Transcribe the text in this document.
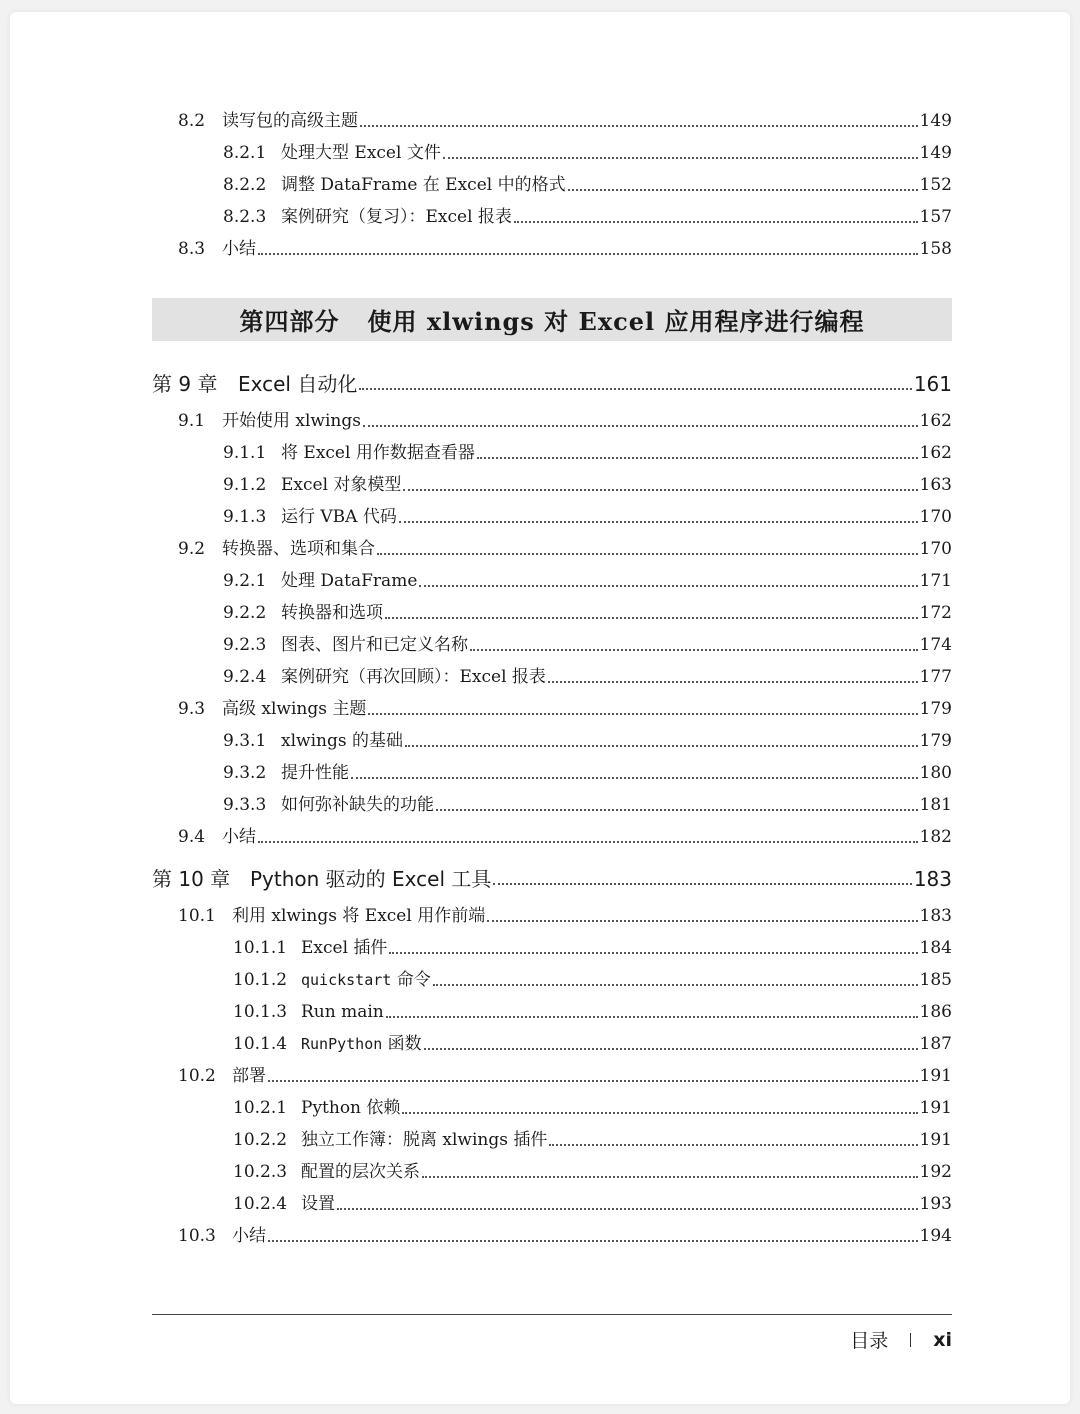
8.2 读写包的高级主题	149
8.2.1 处理大型 Excel 文件	149
8.2.2 调整 DataFrame 在 Excel 中的格式	152
8.2.3 案例研究（复习）：Excel 报表	157
8.3 小结	158
第四部分 使用 xlwings 对 Excel 应用程序进行编程
第 9 章	Excel 自动化	161
9.1 开始使用 xlwings	162
9.1.1 将 Excel 用作数据查看器	162
9.1.2 Excel 对象模型	163
9.1.3 运行 VBA 代码	170
9.2 转换器、选项和集合	170
9.2.1 处理 DataFrame	171
9.2.2 转换器和选项	172
9.2.3 图表、图片和已定义名称	174
9.2.4 案例研究（再次回顾）：Excel 报表	177
9.3 高级 xlwings 主题	179
9.3.1 xlwings 的基础	179
9.3.2 提升性能	180
9.3.3 如何弥补缺失的功能	181
9.4 小结	182
第 10 章 Python 驱动的 Excel 工具	183
10.1 利用 xlwings 将 Excel 用作前端	183
10.1.1 Excel 插件	184
10.1.2 quickstart 命令	185
10.1.3 Run main	186
10.1.4 RunPython 函数	187
10.2 部署	191
10.2.1 Python 依赖	191
10.2.2 独立工作簿：脱离 xlwings 插件	191
10.2.3 配置的层次关系	192
10.2.4 设置	193
10.3 小结	194
目录 xi
